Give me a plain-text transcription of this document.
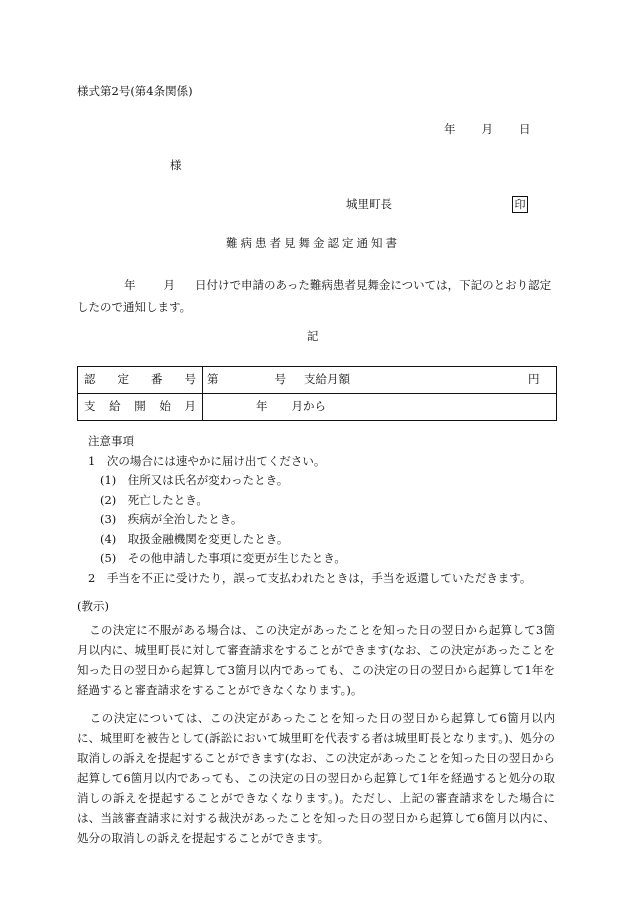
様式第2号(第4条関係)
年 月 日
様
城里町長	印
難病患者見舞金認定通知書
年 月 日付けで申請のあった難病患者見舞金については，下記のとおり認定したので通知します。
記
認 定 番 号	第 号 支給月額 円

支 給 開 始 月	年 月から
注意事項
1　次の場合には速やかに届け出てください。
(1)　住所又は氏名が変わったとき。
(2)　死亡したとき。
(3)　疾病が全治したとき。
(4)　取扱金融機関を変更したとき。
(5)　その他申請した事項に変更が生じたとき。
2　手当を不正に受けたり，誤って支払われたときは，手当を返還していただきます。
(教示)
この決定に不服がある場合は、この決定があったことを知った日の翌日から起算して3箇月以内に、城里町長に対して審査請求をすることができます(なお、この決定があったことを知った日の翌日から起算して3箇月以内であっても、この決定の日の翌日から起算して1年を経過すると審査請求をすることができなくなります。)。
この決定については、この決定があったことを知った日の翌日から起算して6箇月以内に、城里町を被告として(訴訟において城里町を代表する者は城里町長となります。)、処分の取消しの訴えを提起することができます(なお、この決定があったことを知った日の翌日から起算して6箇月以内であっても、この決定の日の翌日から起算して1年を経過すると処分の取消しの訴えを提起することができなくなります。)。ただし、上記の審査請求をした場合には、当該審査請求に対する裁決があったことを知った日の翌日から起算して6箇月以内に、処分の取消しの訴えを提起することができます。
